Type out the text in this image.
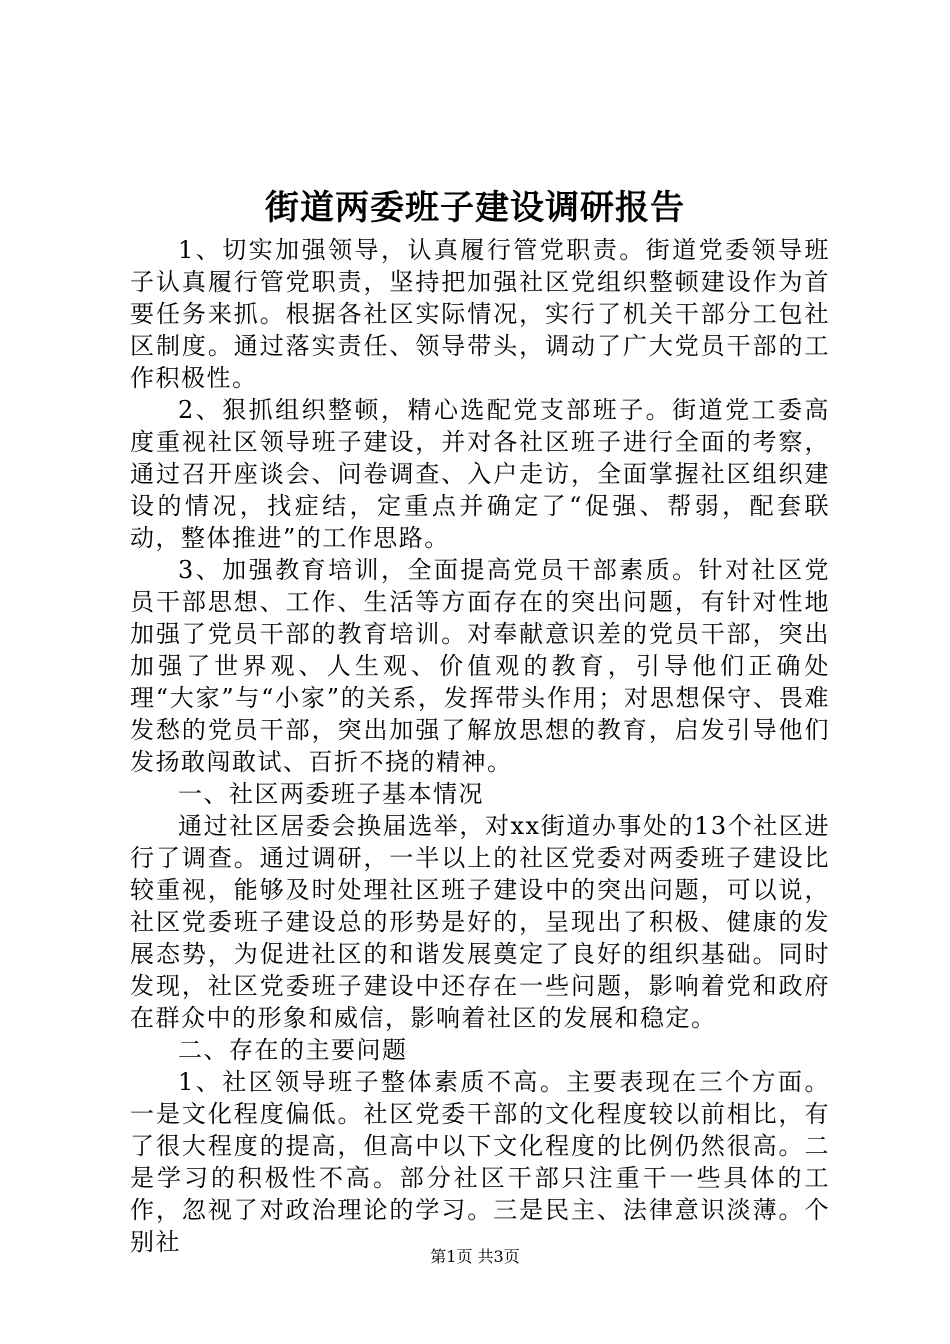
街道两委班子建设调研报告

1、切实加强领导，认真履行管党职责。街道党委领导班子认真履行管党职责，坚持把加强社区党组织整顿建设作为首要任务来抓。根据各社区实际情况，实行了机关干部分工包社区制度。通过落实责任、领导带头，调动了广大党员干部的工作积极性。

2、狠抓组织整顿，精心选配党支部班子。街道党工委高度重视社区领导班子建设，并对各社区班子进行全面的考察，通过召开座谈会、问卷调查、入户走访，全面掌握社区组织建设的情况，找症结，定重点并确定了“促强、帮弱，配套联动，整体推进”的工作思路。

3、加强教育培训，全面提高党员干部素质。针对社区党员干部思想、工作、生活等方面存在的突出问题，有针对性地加强了党员干部的教育培训。对奉献意识差的党员干部，突出加强了世界观、人生观、价值观的教育，引导他们正确处理“大家”与“小家”的关系，发挥带头作用；对思想保守、畏难发愁的党员干部，突出加强了解放思想的教育，启发引导他们发扬敢闯敢试、百折不挠的精神。

一、社区两委班子基本情况

通过社区居委会换届选举，对xx街道办事处的13个社区进行了调查。通过调研，一半以上的社区党委对两委班子建设比较重视，能够及时处理社区班子建设中的突出问题，可以说，社区党委班子建设总的形势是好的，呈现出了积极、健康的发展态势，为促进社区的和谐发展奠定了良好的组织基础。同时发现，社区党委班子建设中还存在一些问题，影响着党和政府在群众中的形象和威信，影响着社区的发展和稳定。

二、存在的主要问题

1、社区领导班子整体素质不高。主要表现在三个方面。一是文化程度偏低。社区党委干部的文化程度较以前相比，有了很大程度的提高，但高中以下文化程度的比例仍然很高。二是学习的积极性不高。部分社区干部只注重干一些具体的工作，忽视了对政治理论的学习。三是民主、法律意识淡薄。个别社

第1页 共3页
